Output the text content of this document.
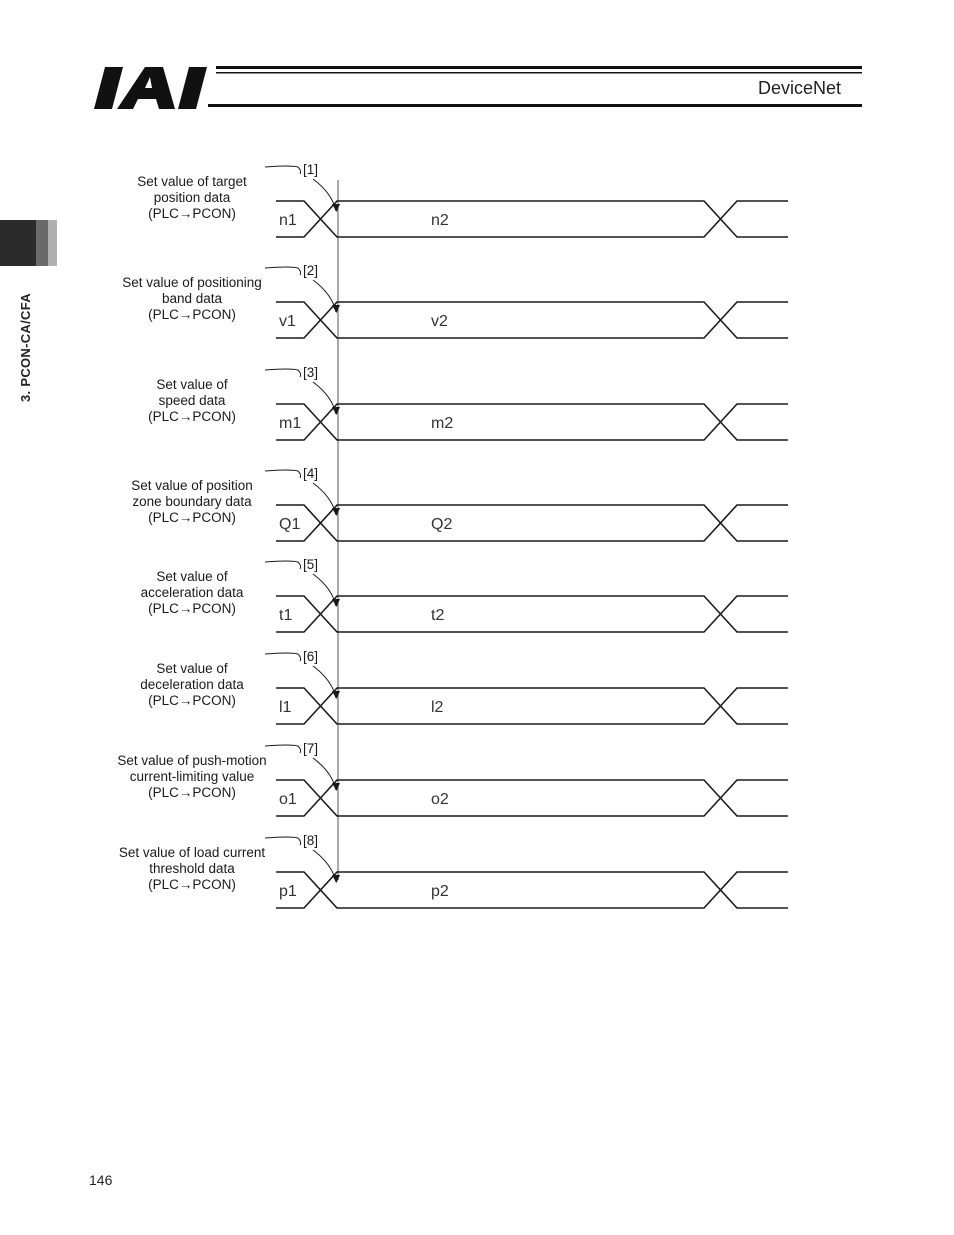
DeviceNet
3. PCON-CA/CFA
Set value of target position data (PLC→PCON)	n1	n2
[1]
Set value of positioning band data (PLC→PCON)	v1	v2
[2]
Set value of speed data (PLC→PCON)	m1	m2
[3]
Set value of position zone boundary data (PLC→PCON)	Q1	Q2
[4]
Set value of acceleration data (PLC→PCON)	t1	t2
[5]
Set value of deceleration data (PLC→PCON)	l1	l2
[6]
Set value of push-motion current-limiting value (PLC→PCON)	o1	o2
[7]
Set value of load current threshold data (PLC→PCON)	p1	p2
[8]
146
